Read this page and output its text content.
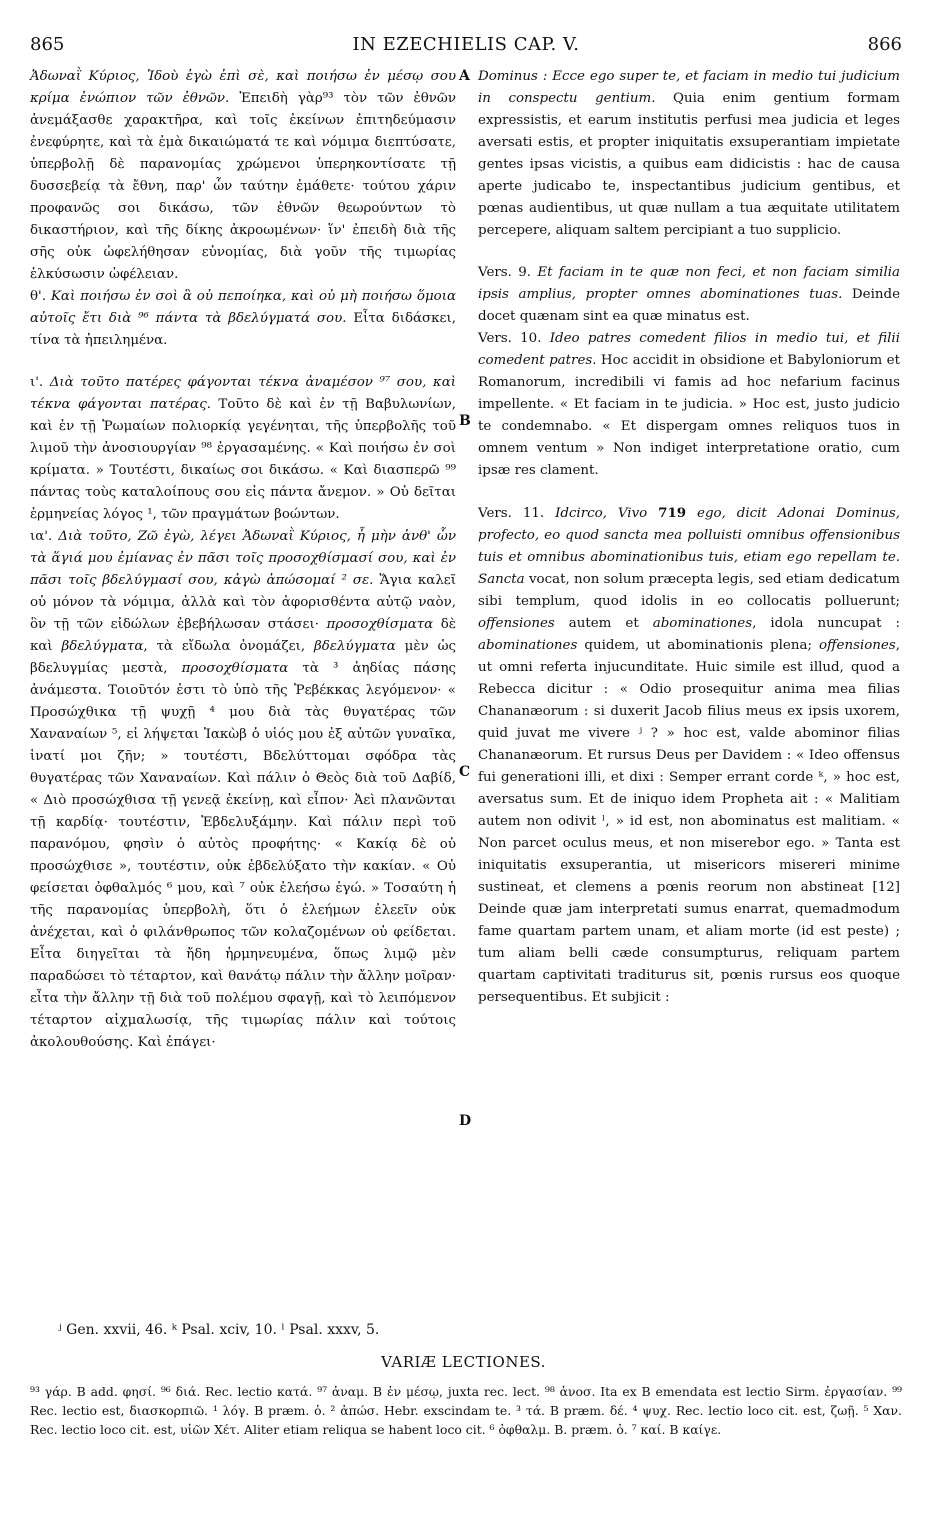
865	IN EZECHIELIS CAP. V.	866

Ἀδωναῒ Κύριος, Ἰδοὺ ἐγὼ ἐπὶ σὲ, καὶ ποιήσω ἐν μέσῳ σου κρίμα ἐνώπιον τῶν ἐθνῶν. Ἐπειδὴ γὰρ⁹³ τὸν τῶν ἐθνῶν ἀνεμάξασθε χαρακτῆρα, καὶ τοῖς ἐκείνων ἐπιτηδεύμασιν ἐνεφύρητε, καὶ τὰ ἐμὰ δικαιώματά τε καὶ νόμιμα διεπτύσατε, ὑπερβολῇ δὲ παρανομίας χρώμενοι ὑπερηκοντίσατε τῇ δυσσεβείᾳ τὰ ἔθνη, παρ' ὧν ταύτην ἐμάθετε· τούτου χάριν προφανῶς σοι δικάσω, τῶν ἐθνῶν θεωρούντων τὸ δικαστήριον, καὶ τῆς δίκης ἀκροωμένων· ἵν' ἐπειδὴ διὰ τῆς σῆς οὐκ ὠφελήθησαν εὐνομίας, διὰ γοῦν τῆς τιμωρίας ἑλκύσωσιν ὠφέλειαν.

θ'. Καὶ ποιήσω ἐν σοὶ ἃ οὐ πεποίηκα, καὶ οὐ μὴ ποιήσω ὅμοια αὐτοῖς ἔτι διὰ ⁹⁶ πάντα τὰ βδελύγματά σου. Εἶτα διδάσκει, τίνα τὰ ἠπειλημένα.

ι'. Διὰ τοῦτο πατέρες φάγονται τέκνα ἀναμέσον ⁹⁷ σου, καὶ τέκνα φάγονται πατέρας. Τοῦτο δὲ καὶ ἐν τῇ Βαβυλωνίων, καὶ ἐν τῇ Ῥωμαίων πολιορκίᾳ γεγένηται, τῆς ὑπερβολῆς τοῦ λιμοῦ τὴν ἀνοσιουργίαν ⁹⁸ ἐργασαμένης. « Καὶ ποιήσω ἐν σοὶ κρίματα. » Τουτέστι, δικαίως σοι δικάσω. « Καὶ διασπερῶ ⁹⁹ πάντας τοὺς καταλοίπους σου εἰς πάντα ἄνεμον. » Οὐ δεῖται ἑρμηνείας λόγος ¹, τῶν πραγμάτων βοώντων.

ια'. Διὰ τοῦτο, Ζῶ ἐγὼ, λέγει Ἀδωναῒ Κύριος, ἦ μὴν ἀνθ' ὧν τὰ ἅγιά μου ἐμίανας ἐν πᾶσι τοῖς προσοχθίσμασί σου, καὶ ἐν πᾶσι τοῖς βδελύγμασί σου, κἀγὼ ἀπώσομαί ² σε. Ἅγια καλεῖ οὐ μόνον τὰ νόμιμα, ἀλλὰ καὶ τὸν ἀφορισθέντα αὐτῷ ναὸν, ὃν τῇ τῶν εἰδώλων ἐβεβήλωσαν στάσει· προσοχθίσματα δὲ καὶ βδελύγματα, τὰ εἴδωλα ὀνομάζει, βδελύγματα μὲν ὡς βδελυγμίας μεστὰ, προσοχθίσματα τὰ ³ ἀηδίας πάσης ἀνάμεστα. Τοιοῦτόν ἐστι τὸ ὑπὸ τῆς Ῥεβέκκας λεγόμενον· « Προσώχθικα τῇ ψυχῇ ⁴ μου διὰ τὰς θυγατέρας τῶν Χαναναίων ⁵, εἰ λήψεται Ἰακὼβ ὁ υἱός μου ἐξ αὐτῶν γυναῖκα, ἱνατί μοι ζῆν; » τουτέστι, Βδελύττομαι σφόδρα τὰς θυγατέρας τῶν Χαναναίων. Καὶ πάλιν ὁ Θεὸς διὰ τοῦ Δαβίδ, « Διὸ προσώχθισα τῇ γενεᾷ ἐκείνῃ, καὶ εἶπον· Ἀεὶ πλανῶνται τῇ καρδίᾳ· τουτέστιν, Ἐβδελυξάμην. Καὶ πάλιν περὶ τοῦ παρανόμου, φησὶν ὁ αὐτὸς προφήτης· « Κακίᾳ δὲ οὐ προσώχθισε », τουτέστιν, οὐκ ἐβδελύξατο τὴν κακίαν. « Οὐ φείσεται ὀφθαλμός ⁶ μου, καὶ ⁷ οὐκ ἐλεήσω ἐγώ. » Τοσαύτη ἡ τῆς παρανομίας ὑπερβολὴ, ὅτι ὁ ἐλεήμων ἐλεεῖν οὐκ ἀνέχεται, καὶ ὁ φιλάνθρωπος τῶν κολαζομένων οὐ φείδεται. Εἶτα διηγεῖται τὰ ἤδη ἡρμηνευμένα, ὅπως λιμῷ μὲν παραδώσει τὸ τέταρτον, καὶ θανάτῳ πάλιν τὴν ἄλλην μοῖραν· εἶτα τὴν ἄλλην τῇ διὰ τοῦ πολέμου σφαγῇ, καὶ τὸ λειπόμενον τέταρτον αἰχμαλωσίᾳ, τῆς τιμωρίας πάλιν καὶ τούτοις ἀκολουθούσης. Καὶ ἐπάγει·

A
B
C
D

Dominus : Ecce ego super te, et faciam in medio tui judicium in conspectu gentium. Quia enim gentium formam expressistis, et earum institutis perfusi mea judicia et leges aversati estis, et propter iniquitatis exsuperantiam impietate gentes ipsas vicistis, a quibus eam didicistis : hac de causa aperte judicabo te, inspectantibus judicium gentibus, et pœnas audientibus, ut quæ nullam a tua æquitate utilitatem percepere, aliquam saltem percipiant a tuo supplicio.

Vers. 9. Et faciam in te quæ non feci, et non faciam similia ipsis amplius, propter omnes abominationes tuas. Deinde docet quænam sint ea quæ minatus est.

Vers. 10. Ideo patres comedent filios in medio tui, et filii comedent patres. Hoc accidit in obsidione et Babyloniorum et Romanorum, incredibili vi famis ad hoc nefarium facinus impellente. « Et faciam in te judicia. » Hoc est, justo judicio te condemnabo. « Et dispergam omnes reliquos tuos in omnem ventum » Non indiget interpretatione oratio, cum ipsæ res clament.

Vers. 11. Idcirco, Vivo 719 ego, dicit Adonai Dominus, profecto, eo quod sancta mea polluisti omnibus offensionibus tuis et omnibus abominationibus tuis, etiam ego repellam te. Sancta vocat, non solum præcepta legis, sed etiam dedicatum sibi templum, quod idolis in eo collocatis polluerunt; offensiones autem et abominationes, idola nuncupat : abominationes quidem, ut abominationis plena; offensiones, ut omni referta injucunditate. Huic simile est illud, quod a Rebecca dicitur : « Odio prosequitur anima mea filias Chananæorum : si duxerit Jacob filius meus ex ipsis uxorem, quid juvat me vivere ʲ ? » hoc est, valde abominor filias Chananæorum. Et rursus Deus per Davidem : « Ideo offensus fui generationi illi, et dixi : Semper errant corde ᵏ, » hoc est, aversatus sum. Et de iniquo idem Propheta ait : « Malitiam autem non odivit ˡ, » id est, non abominatus est malitiam. « Non parcet oculus meus, et non miserebor ego. » Tanta est iniquitatis exsuperantia, ut misericors misereri minime sustineat, et clemens a pœnis reorum non abstineat [12] Deinde quæ jam interpretati sumus enarrat, quemadmodum fame quartam partem unam, et aliam morte (id est peste) ; tum aliam belli cæde consumpturus, reliquam partem quartam captivitati traditurus sit, pœnis rursus eos quoque persequentibus. Et subjicit :

ʲ Gen. xxvii, 46. ᵏ Psal. xciv, 10. ˡ Psal. xxxv, 5.
VARIÆ LECTIONES.
⁹³ γάρ. B add. φησί. ⁹⁶ διά. Rec. lectio κατά. ⁹⁷ ἀναμ. B ἐν μέσῳ, juxta rec. lect. ⁹⁸ ἀνοσ. Ita ex B emendata est lectio Sirm. ἐργασίαν. ⁹⁹ Rec. lectio est, διασκορπιῶ. ¹ λόγ. B præm. ὁ. ² ἀπώσ. Hebr. exscindam te. ³ τά. B præm. δέ. ⁴ ψυχ. Rec. lectio loco cit. est, ζωῇ. ⁵ Χαν. Rec. lectio loco cit. est, υἱῶν Χέτ. Aliter etiam reliqua se habent loco cit. ⁶ ὀφθαλμ. B. præm. ὁ. ⁷ καί. B καίγε.
